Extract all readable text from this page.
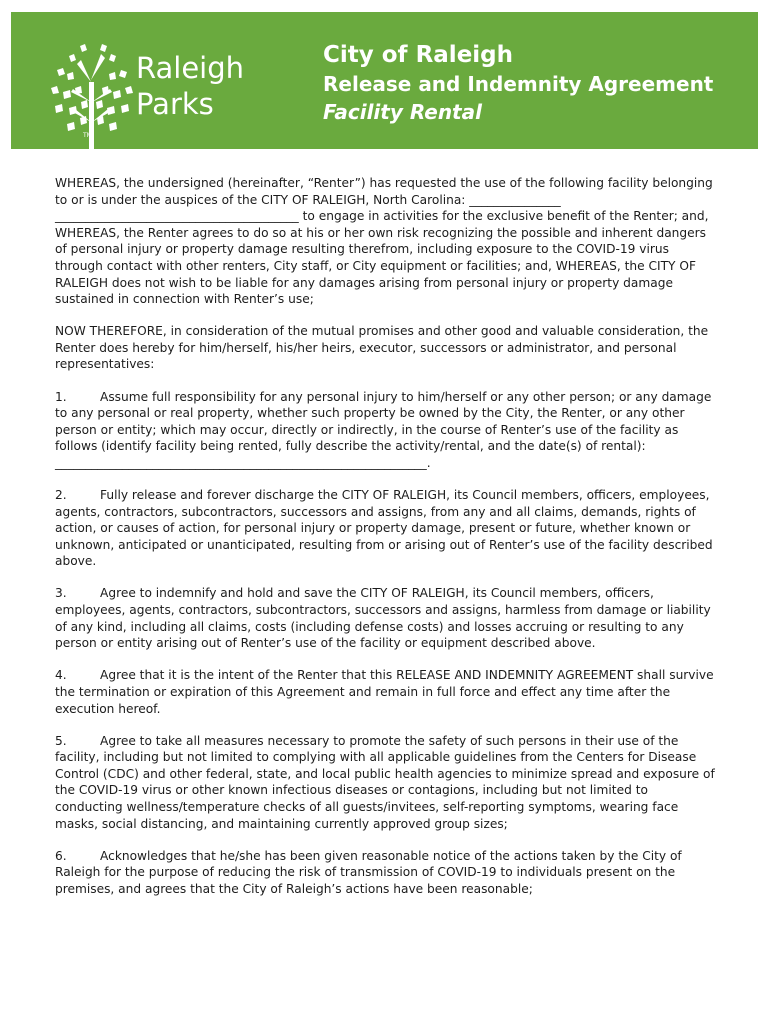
TM
Raleigh
Parks
City of Raleigh
Release and Indemnity Agreement
Facility Rental

WHEREAS, the undersigned (hereinafter, “Renter”) has requested the use of the following facility belonging to or is under the auspices of the CITY OF RALEIGH, North Carolina: _______________ ________________________________________ to engage in activities for the exclusive benefit of the Renter; and, WHEREAS, the Renter agrees to do so at his or her own risk recognizing the possible and inherent dangers of personal injury or property damage resulting therefrom, including exposure to the COVID-19 virus through contact with other renters, City staff, or City equipment or facilities; and, WHEREAS, the CITY OF RALEIGH does not wish to be liable for any damages arising from personal injury or property damage sustained in connection with Renter’s use;

NOW THEREFORE, in consideration of the mutual promises and other good and valuable consideration, the Renter does hereby for him/herself, his/her heirs, executor, successors or administrator, and personal representatives:

1.	Assume full responsibility for any personal injury to him/herself or any other person; or any damage to any personal or real property, whether such property be owned by the City, the Renter, or any other person or entity; which may occur, directly or indirectly, in the course of Renter’s use of the facility as follows (identify facility being rented, fully describe the activity/rental, and the date(s) of rental): _____________________________________________________________.

2.	Fully release and forever discharge the CITY OF RALEIGH, its Council members, officers, employees, agents, contractors, subcontractors, successors and assigns, from any and all claims, demands, rights of action, or causes of action, for personal injury or property damage, present or future, whether known or unknown, anticipated or unanticipated, resulting from or arising out of Renter’s use of the facility described above.

3.	Agree to indemnify and hold and save the CITY OF RALEIGH, its Council members, officers, employees, agents, contractors, subcontractors, successors and assigns, harmless from damage or liability of any kind, including all claims, costs (including defense costs) and losses accruing or resulting to any person or entity arising out of Renter’s use of the facility or equipment described above.

4.	Agree that it is the intent of the Renter that this RELEASE AND INDEMNITY AGREEMENT shall survive the termination or expiration of this Agreement and remain in full force and effect any time after the execution hereof.

5.	Agree to take all measures necessary to promote the safety of such persons in their use of the facility, including but not limited to complying with all applicable guidelines from the Centers for Disease Control (CDC) and other federal, state, and local public health agencies to minimize spread and exposure of the COVID-19 virus or other known infectious diseases or contagions, including but not limited to conducting wellness/temperature checks of all guests/invitees, self-reporting symptoms, wearing face masks, social distancing, and maintaining currently approved group sizes;

6.	Acknowledges that he/she has been given reasonable notice of the actions taken by the City of Raleigh for the purpose of reducing the risk of transmission of COVID-19 to individuals present on the premises, and agrees that the City of Raleigh’s actions have been reasonable;
